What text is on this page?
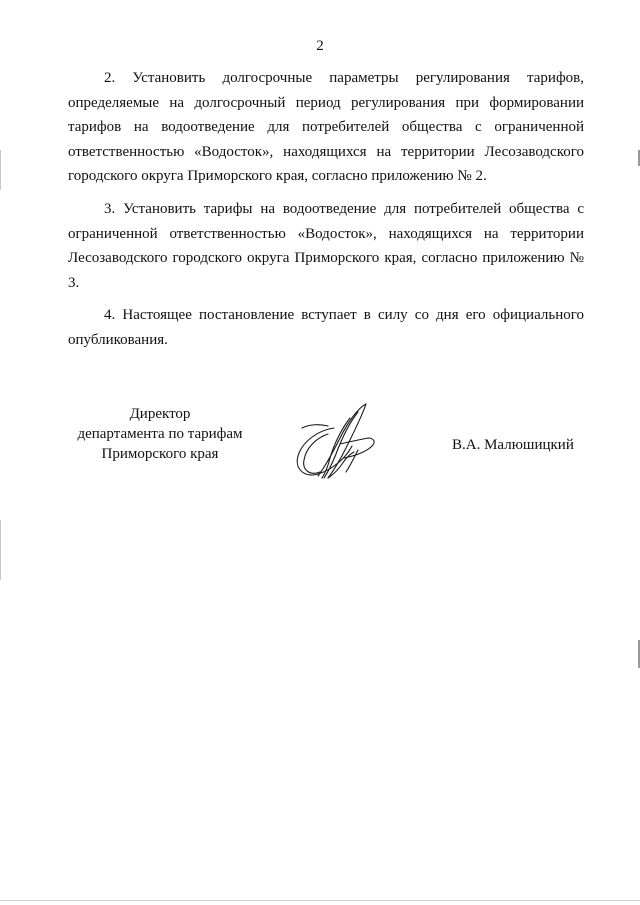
2

2. Установить долгосрочные параметры регулирования тарифов, определяемые на долгосрочный период регулирования при формировании тарифов на водоотведение для потребителей общества с ограниченной ответственностью «Водосток», находящихся на территории Лесозаводского городского округа Приморского края, согласно приложению № 2.

3. Установить тарифы на водоотведение для потребителей общества с ограниченной ответственностью «Водосток», находящихся на территории Лесозаводского городского округа Приморского края, согласно приложению № 3.

4. Настоящее постановление вступает в силу со дня его официального опубликования.

Директор
департамента по тарифам
Приморского края
В.А. Малюшицкий
